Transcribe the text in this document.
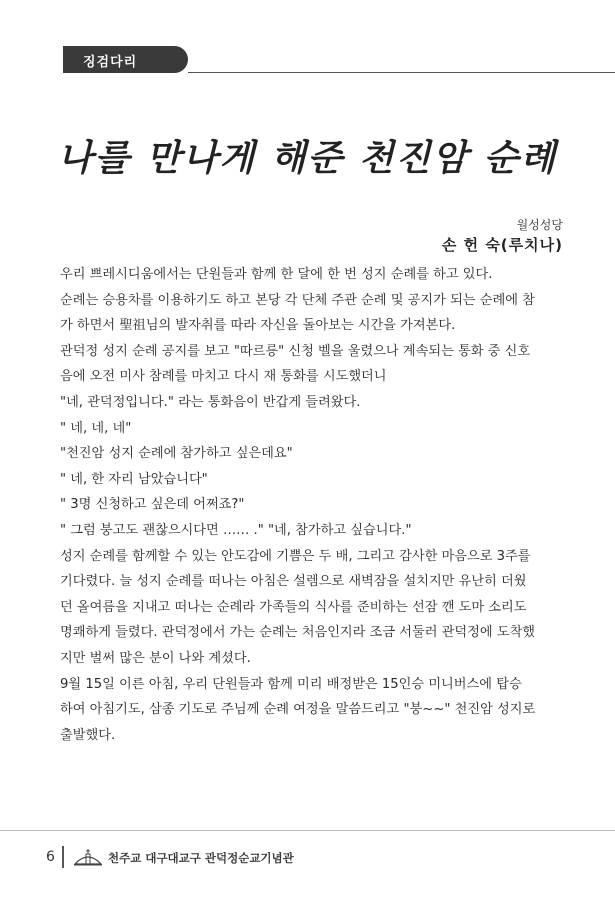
징검다리
나를 만나게 해준 천진암 순례
월성성당
손 헌 숙(루치나)

우리 쁘레시디움에서는 단원들과 함께 한 달에 한 번 성지 순례를 하고 있다.

순례는 승용차를 이용하기도 하고 본당 각 단체 주관 순례 및 공지가 되는 순례에 참

가 하면서 聖祖님의 발자취를 따라 자신을 돌아보는 시간을 가져본다.

관덕정 성지 순례 공지를 보고 "따르릉" 신청 벨을 울렸으나 계속되는 통화 중 신호

음에 오전 미사 참례를 마치고 다시 재 통화를 시도했더니

"네, 관덕정입니다." 라는 통화음이 반갑게 들려왔다.

" 네, 네, 네"

"천진암 성지 순례에 참가하고 싶은데요"

" 네, 한 자리 남았습니다"

" 3명 신청하고 싶은데 어쩌죠?"

" 그럼 붕고도 괜찮으시다면 …… ." "네, 참가하고 싶습니다."

성지 순례를 함께할 수 있는 안도감에 기쁨은 두 배, 그리고 감사한 마음으로 3주를

기다렸다. 늘 성지 순례를 떠나는 아침은 설렘으로 새벽잠을 설치지만 유난히 더웠

던 올여름을 지내고 떠나는 순례라 가족들의 식사를 준비하는 선잠 깬 도마 소리도

명쾌하게 들렸다. 관덕정에서 가는 순례는 처음인지라 조금 서둘러 관덕정에 도착했

지만 벌써 많은 분이 나와 계셨다.

9월 15일 이른 아침, 우리 단원들과 함께 미리 배정받은 15인승 미니버스에 탑승

하여 아침기도, 삼종 기도로 주님께 순례 여정을 말씀드리고 "붕~~" 천진암 성지로

출발했다.

6	천주교 대구대교구 관덕정순교기념관
